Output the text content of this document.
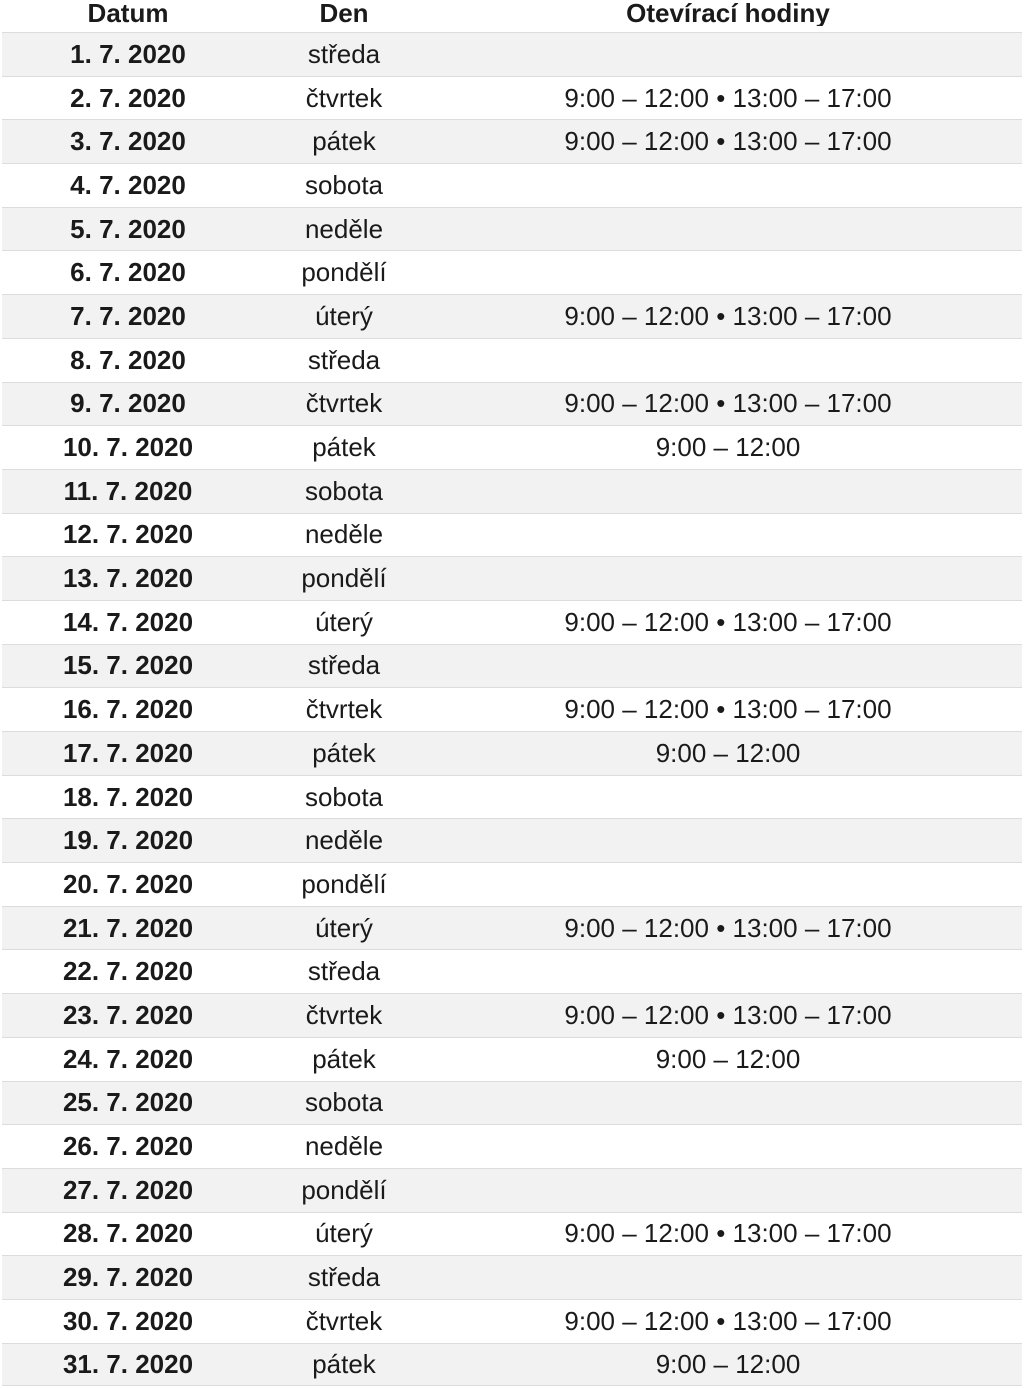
Datum	Den	Otevírací hodiny
1. 7. 2020	středa
2. 7. 2020	čtvrtek	9:00 – 12:00 • 13:00 – 17:00
3. 7. 2020	pátek	9:00 – 12:00 • 13:00 – 17:00
4. 7. 2020	sobota
5. 7. 2020	neděle
6. 7. 2020	pondělí
7. 7. 2020	úterý	9:00 – 12:00 • 13:00 – 17:00
8. 7. 2020	středa
9. 7. 2020	čtvrtek	9:00 – 12:00 • 13:00 – 17:00
10. 7. 2020	pátek	9:00 – 12:00
11. 7. 2020	sobota
12. 7. 2020	neděle
13. 7. 2020	pondělí
14. 7. 2020	úterý	9:00 – 12:00 • 13:00 – 17:00
15. 7. 2020	středa
16. 7. 2020	čtvrtek	9:00 – 12:00 • 13:00 – 17:00
17. 7. 2020	pátek	9:00 – 12:00
18. 7. 2020	sobota
19. 7. 2020	neděle
20. 7. 2020	pondělí
21. 7. 2020	úterý	9:00 – 12:00 • 13:00 – 17:00
22. 7. 2020	středa
23. 7. 2020	čtvrtek	9:00 – 12:00 • 13:00 – 17:00
24. 7. 2020	pátek	9:00 – 12:00
25. 7. 2020	sobota
26. 7. 2020	neděle
27. 7. 2020	pondělí
28. 7. 2020	úterý	9:00 – 12:00 • 13:00 – 17:00
29. 7. 2020	středa
30. 7. 2020	čtvrtek	9:00 – 12:00 • 13:00 – 17:00
31. 7. 2020	pátek	9:00 – 12:00
